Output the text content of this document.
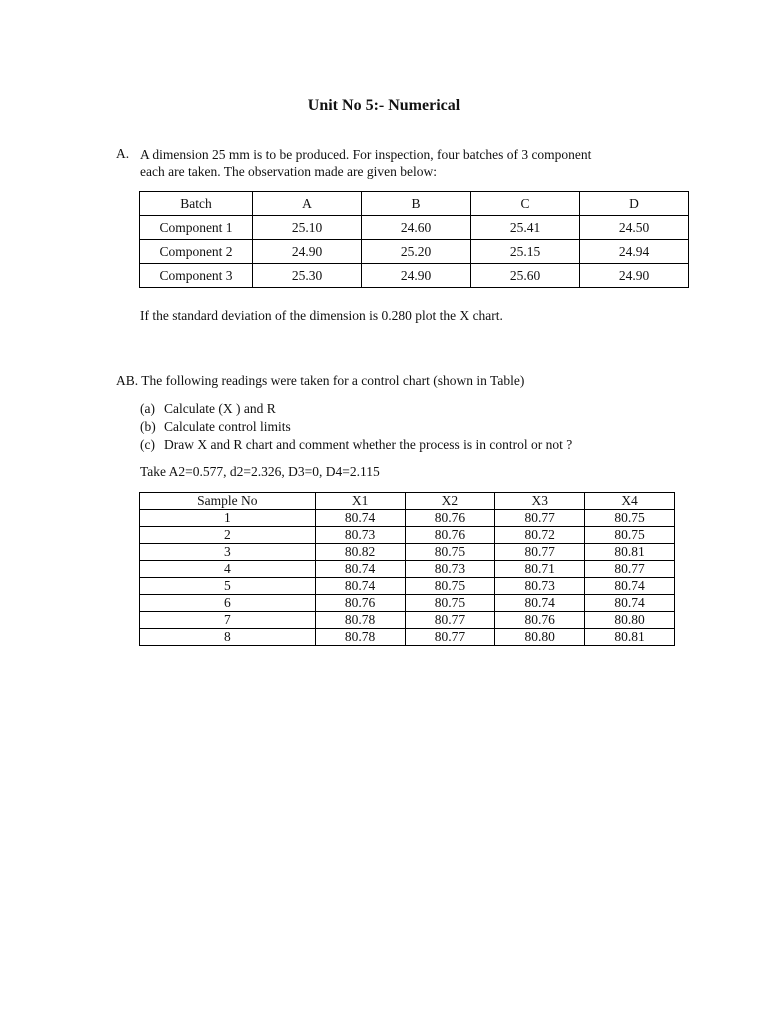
Unit No 5:- Numerical
A. A dimension 25 mm is to be produced. For inspection, four batches of 3 component
each are taken. The observation made are given below:
Batch	A	B	C	D
Component 1	25.10	24.60	25.41	24.50
Component 2	24.90	25.20	25.15	24.94
Component 3	25.30	24.90	25.60	24.90
If the standard deviation of the dimension is 0.280 plot the X chart.
AB. The following readings were taken for a control chart (shown in Table)
(a) Calculate (X ) and R
(b) Calculate control limits
(c) Draw X and R chart and comment whether the process is in control or not ?
Take A2=0.577, d2=2.326, D3=0, D4=2.115
Sample No	X1	X2	X3	X4
1	80.74	80.76	80.77	80.75
2	80.73	80.76	80.72	80.75
3	80.82	80.75	80.77	80.81
4	80.74	80.73	80.71	80.77
5	80.74	80.75	80.73	80.74
6	80.76	80.75	80.74	80.74
7	80.78	80.77	80.76	80.80
8	80.78	80.77	80.80	80.81
